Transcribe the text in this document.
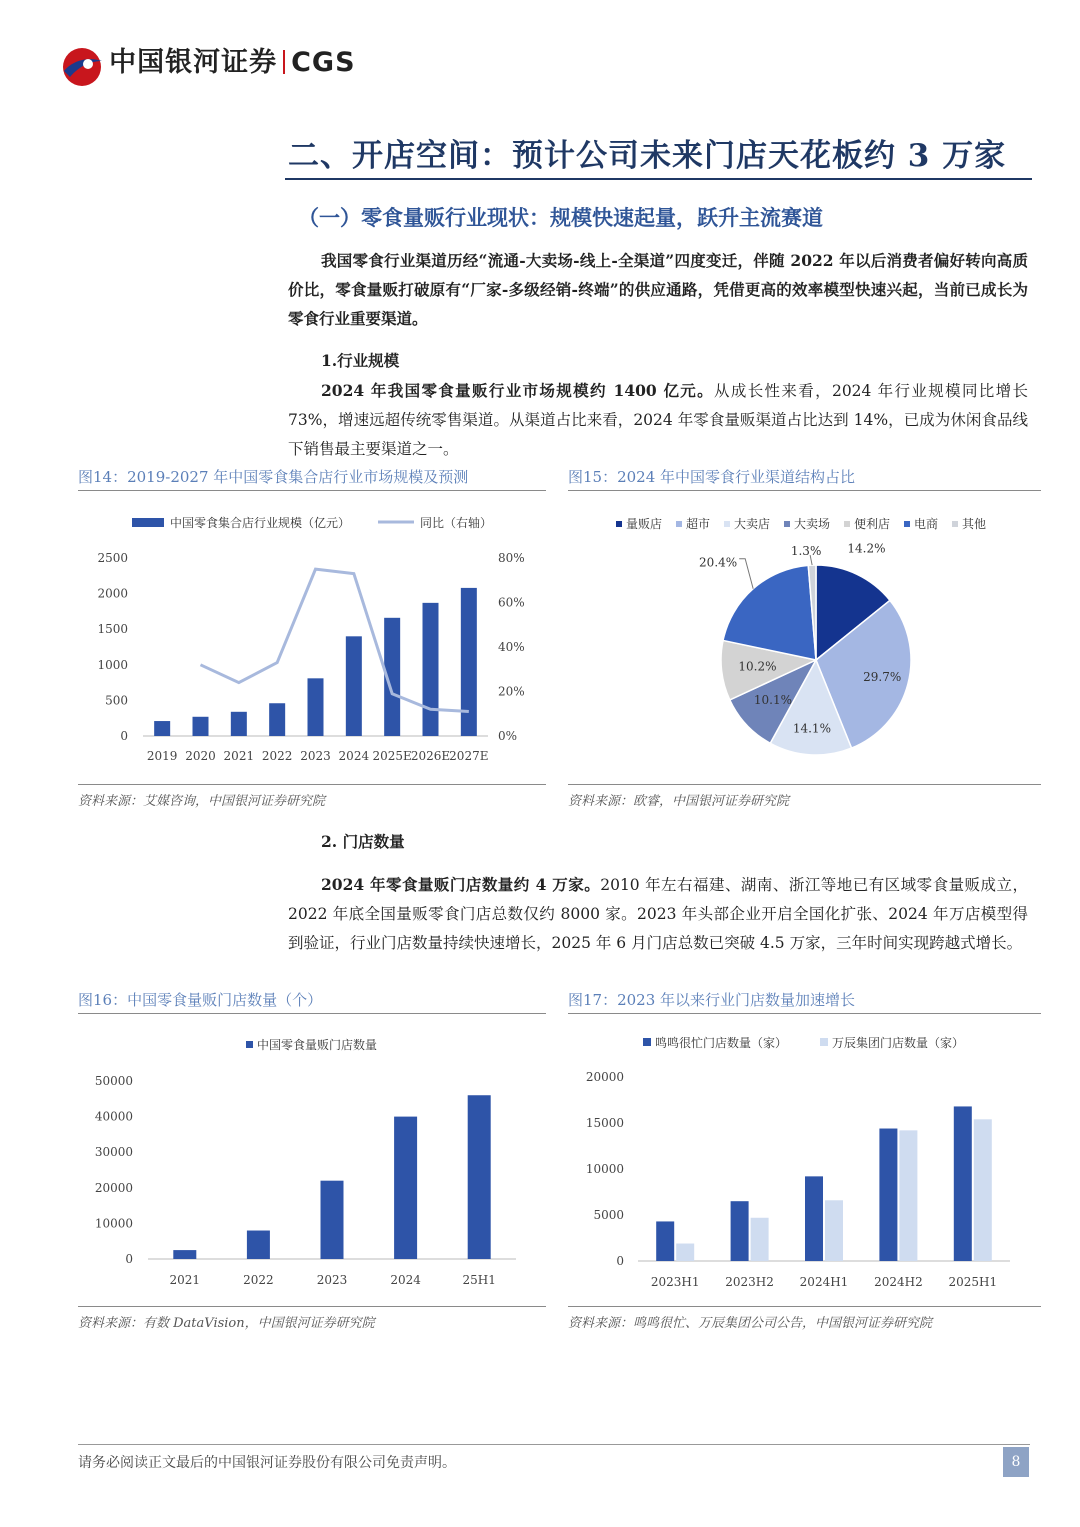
中国银河证券 CGS
二、开店空间：预计公司未来门店天花板约 3 万家
（一）零食量贩行业现状：规模快速起量，跃升主流赛道
我国零食行业渠道历经“流通-大卖场-线上-全渠道”四度变迁，伴随 2022 年以后消费者偏好转向高质价比，零食量贩打破原有“厂家-多级经销-终端”的供应通路，凭借更高的效率模型快速兴起，当前已成长为零食行业重要渠道。
1.行业规模
2024 年我国零食量贩行业市场规模约 1400 亿元。从成长性来看，2024 年行业规模同比增长 73%，增速远超传统零售渠道。从渠道占比来看，2024 年零食量贩渠道占比达到 14%，已成为休闲食品线下销售最主要渠道之一。
图14：2019-2027 年中国零食集合店行业市场规模及预测
中国零食集合店行业规模（亿元）	同比（右轴）
0
500
1000
1500
2000
2500
0%
20%
40%
60%
80%
2019 2020 2021 2022 2023 2024 2025E 2026E 2027E
资料来源：艾媒咨询，中国银河证券研究院
图15：2024 年中国零食行业渠道结构占比
量贩店 超市 大卖店 大卖场 便利店 电商 其他
14.2%
29.7%
14.1%
10.1%
10.2%
20.4%
1.3%
资料来源：欧睿，中国银河证券研究院
2. 门店数量
2024 年零食量贩门店数量约 4 万家。2010 年左右福建、湖南、浙江等地已有区域零食量贩成立，2022 年底全国量贩零食门店总数仅约 8000 家。2023 年头部企业开启全国化扩张、2024 年万店模型得到验证，行业门店数量持续快速增长，2025 年 6 月门店总数已突破 4.5 万家，三年时间实现跨越式增长。
图16：中国零食量贩门店数量（个）
中国零食量贩门店数量
0
10000
20000
30000
40000
50000
2021	2022	2023	2024	25H1
资料来源：有数 DataVision，中国银河证券研究院
图17：2023 年以来行业门店数量加速增长
鸣鸣很忙门店数量（家）	万辰集团门店数量（家）
0
5000
10000
15000
20000
2023H1 2023H2 2024H1 2024H2 2025H1
资料来源：鸣鸣很忙、万辰集团公司公告，中国银河证券研究院
请务必阅读正文最后的中国银河证券股份有限公司免责声明。	8
